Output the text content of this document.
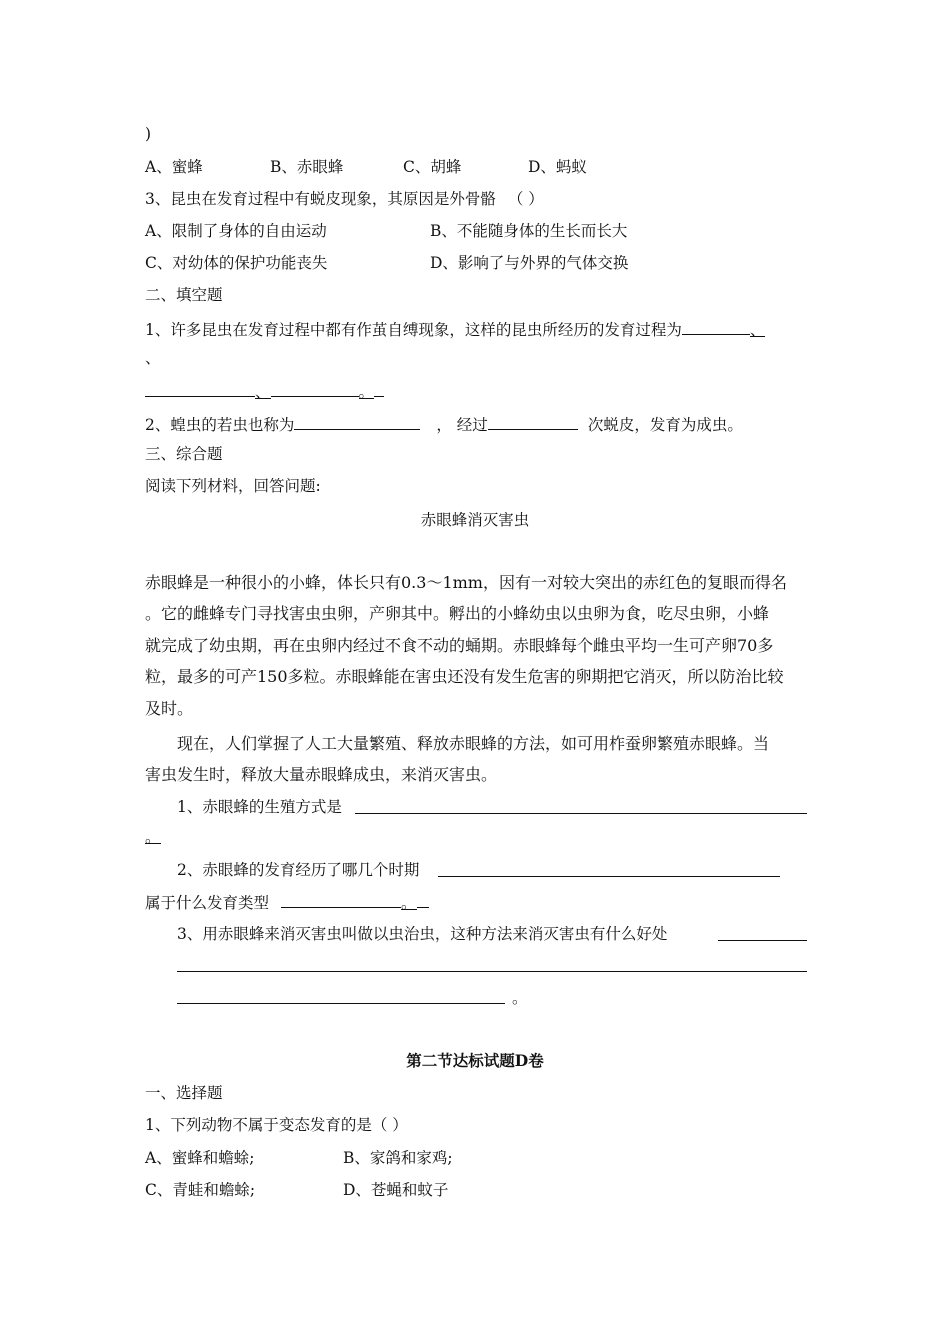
)
A、蜜蜂	B、赤眼蜂	C、胡蜂	D、蚂蚁
3、昆虫在发育过程中有蜕皮现象，其原因是外骨骼 （ ）
A、限制了身体的自由运动	B、不能随身体的生长而长大
C、对幼体的保护功能丧失	D、影响了与外界的气体交换
二、填空题
1、许多昆虫在发育过程中都有作茧自缚现象，这样的昆虫所经历的发育过程为	、
、
、	。
2、蝗虫的若虫也称为	， 经过	次蜕皮，发育为成虫。
三、综合题
阅读下列材料，回答问题:
赤眼蜂消灭害虫
赤眼蜂是一种很小的小蜂，体长只有0.3～1mm，因有一对较大突出的赤红色的复眼而得名
。它的雌蜂专门寻找害虫虫卵，产卵其中。孵出的小蜂幼虫以虫卵为食，吃尽虫卵，小蜂
就完成了幼虫期，再在虫卵内经过不食不动的蛹期。赤眼蜂每个雌虫平均一生可产卵70多
粒，最多的可产150多粒。赤眼蜂能在害虫还没有发生危害的卵期把它消灭，所以防治比较
及时。
现在，人们掌握了人工大量繁殖、释放赤眼蜂的方法，如可用柞蚕卵繁殖赤眼蜂。当
害虫发生时，释放大量赤眼蜂成虫，来消灭害虫。
1、赤眼蜂的生殖方式是
。
2、赤眼蜂的发育经历了哪几个时期
属于什么发育类型	。
3、用赤眼蜂来消灭害虫叫做以虫治虫，这种方法来消灭害虫有什么好处
。
第二节达标试题D卷
一、选择题
1、下列动物不属于变态发育的是（ ）
A、蜜蜂和蟾蜍;	B、家鸽和家鸡;
C、青蛙和蟾蜍;	D、苍蝇和蚊子
